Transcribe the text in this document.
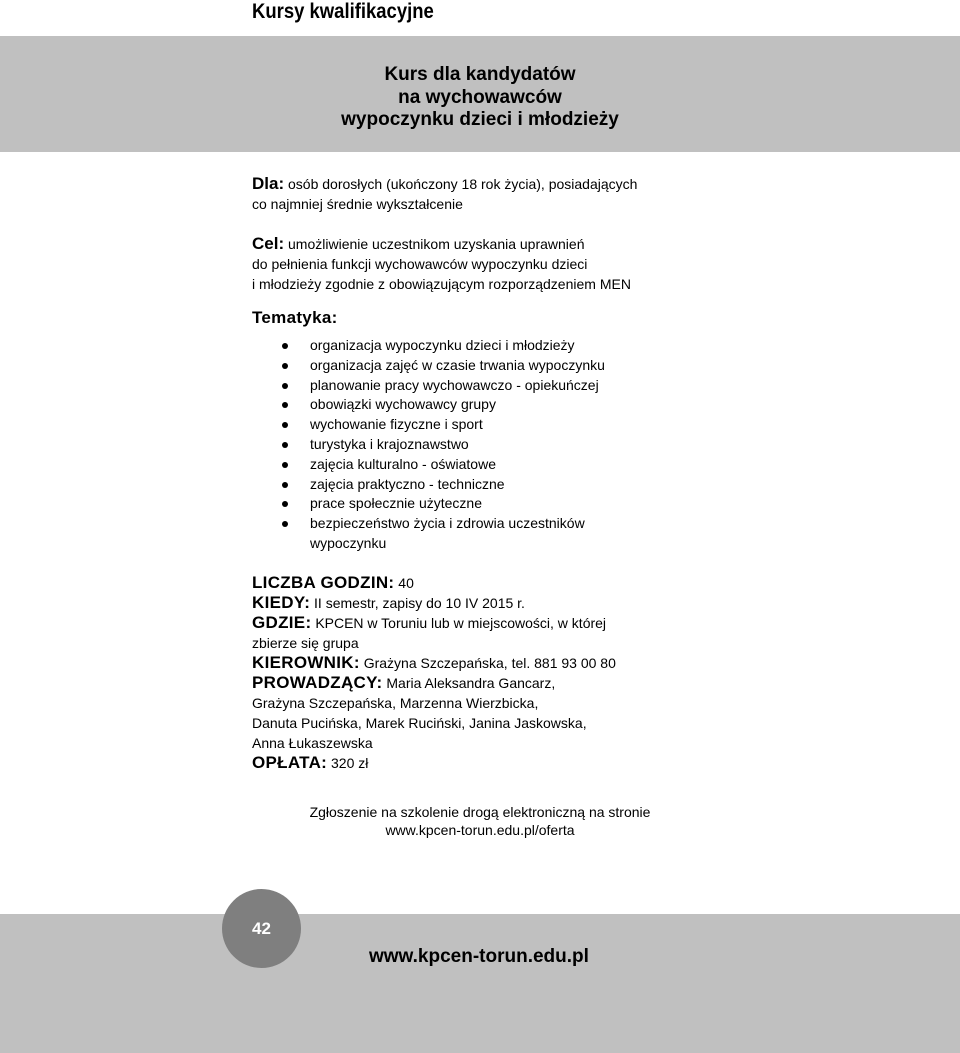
Kursy kwalifikacyjne
Kurs dla kandydatów
na wychowawców
wypoczynku dzieci i młodzieży

Dla: osób dorosłych (ukończony 18 rok życia), posiadających
co najmniej średnie wykształcenie

Cel: umożliwienie uczestnikom uzyskania uprawnień
do pełnienia funkcji wychowawców wypoczynku dzieci
i młodzieży zgodnie z obowiązującym rozporządzeniem MEN

Tematyka:
organizacja wypoczynku dzieci i młodzieży
organizacja zajęć w czasie trwania wypoczynku
planowanie pracy wychowawczo - opiekuńczej
obowiązki wychowawcy grupy
wychowanie fizyczne i sport
turystyka i krajoznawstwo
zajęcia kulturalno - oświatowe
zajęcia praktyczno - techniczne
prace społecznie użyteczne
bezpieczeństwo życia i zdrowia uczestników
wypoczynku

LICZBA GODZIN: 40

KIEDY: II semestr, zapisy do 10 IV 2015 r.

GDZIE: KPCEN w Toruniu lub w miejscowości, w której
zbierze się grupa

KIEROWNIK: Grażyna Szczepańska, tel. 881 93 00 80

PROWADZĄCY: Maria Aleksandra Gancarz,
Grażyna Szczepańska, Marzenna Wierzbicka,
Danuta Pucińska, Marek Ruciński, Janina Jaskowska,
Anna Łukaszewska

OPŁATA: 320 zł

Zgłoszenie na szkolenie drogą elektroniczną na stronie
www.kpcen-torun.edu.pl/oferta
42
www.kpcen-torun.edu.pl
